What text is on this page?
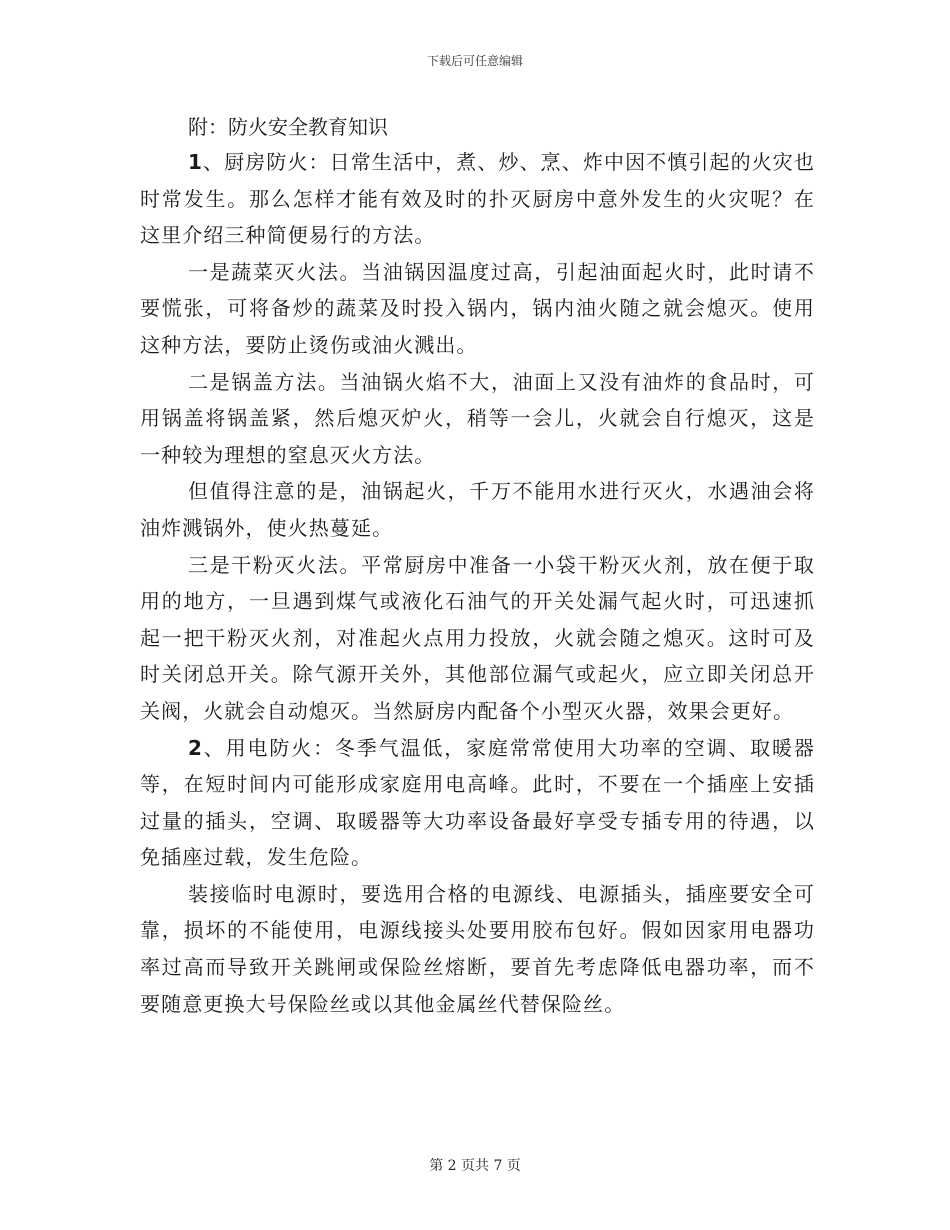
下载后可任意编辑

附：防火安全教育知识

1、厨房防火：日常生活中，煮、炒、烹、炸中因不慎引起的火灾也时常发生。那么怎样才能有效及时的扑灭厨房中意外发生的火灾呢？在这里介绍三种简便易行的方法。

一是蔬菜灭火法。当油锅因温度过高，引起油面起火时，此时请不要慌张，可将备炒的蔬菜及时投入锅内，锅内油火随之就会熄灭。使用这种方法，要防止烫伤或油火溅出。

二是锅盖方法。当油锅火焰不大，油面上又没有油炸的食品时，可用锅盖将锅盖紧，然后熄灭炉火，稍等一会儿，火就会自行熄灭，这是一种较为理想的窒息灭火方法。

但值得注意的是，油锅起火，千万不能用水进行灭火，水遇油会将油炸溅锅外，使火热蔓延。

三是干粉灭火法。平常厨房中准备一小袋干粉灭火剂，放在便于取用的地方，一旦遇到煤气或液化石油气的开关处漏气起火时，可迅速抓起一把干粉灭火剂，对准起火点用力投放，火就会随之熄灭。这时可及时关闭总开关。除气源开关外，其他部位漏气或起火，应立即关闭总开关阀，火就会自动熄灭。当然厨房内配备个小型灭火器，效果会更好。

2、用电防火：冬季气温低，家庭常常使用大功率的空调、取暖器等，在短时间内可能形成家庭用电高峰。此时，不要在一个插座上安插过量的插头，空调、取暖器等大功率设备最好享受专插专用的待遇，以免插座过载，发生危险。

装接临时电源时，要选用合格的电源线、电源插头，插座要安全可靠，损坏的不能使用，电源线接头处要用胶布包好。假如因家用电器功率过高而导致开关跳闸或保险丝熔断，要首先考虑降低电器功率，而不要随意更换大号保险丝或以其他金属丝代替保险丝。

第 2 页共 7 页
